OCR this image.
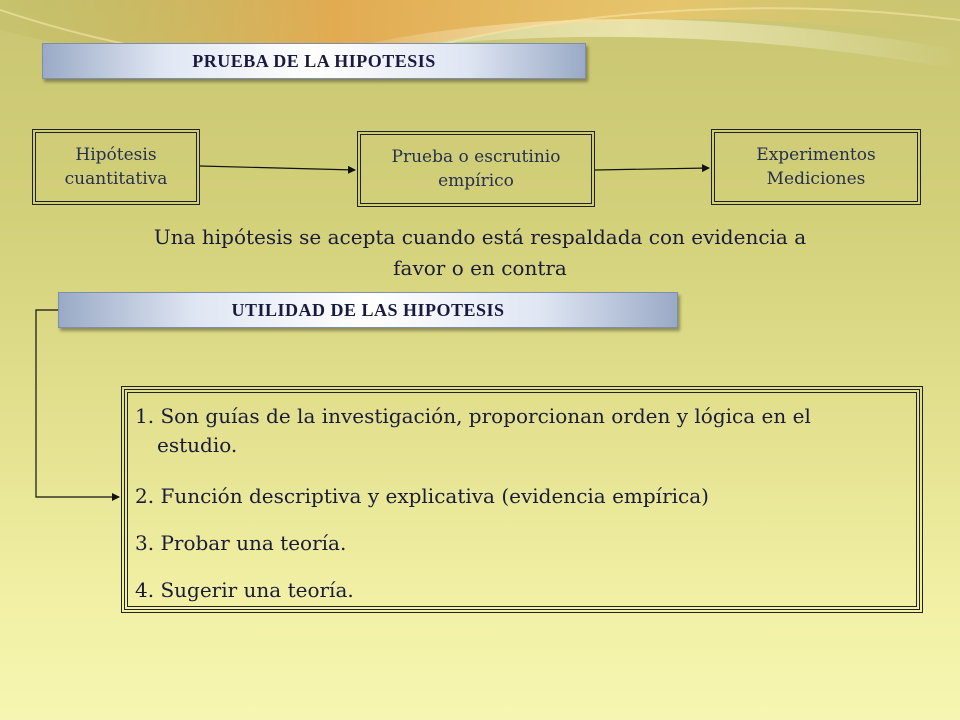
PRUEBA DE LA HIPOTESIS
Hipótesis
cuantitativa
Prueba o escrutinio
empírico
Experimentos
Mediciones
Una hipótesis se acepta cuando está respaldada con evidencia a
favor o en contra
UTILIDAD DE LAS HIPOTESIS
1. Son guías de la investigación, proporcionan orden y lógica en el
estudio.
2. Función descriptiva y explicativa (evidencia empírica)
3. Probar una teoría.
4. Sugerir una teoría.
